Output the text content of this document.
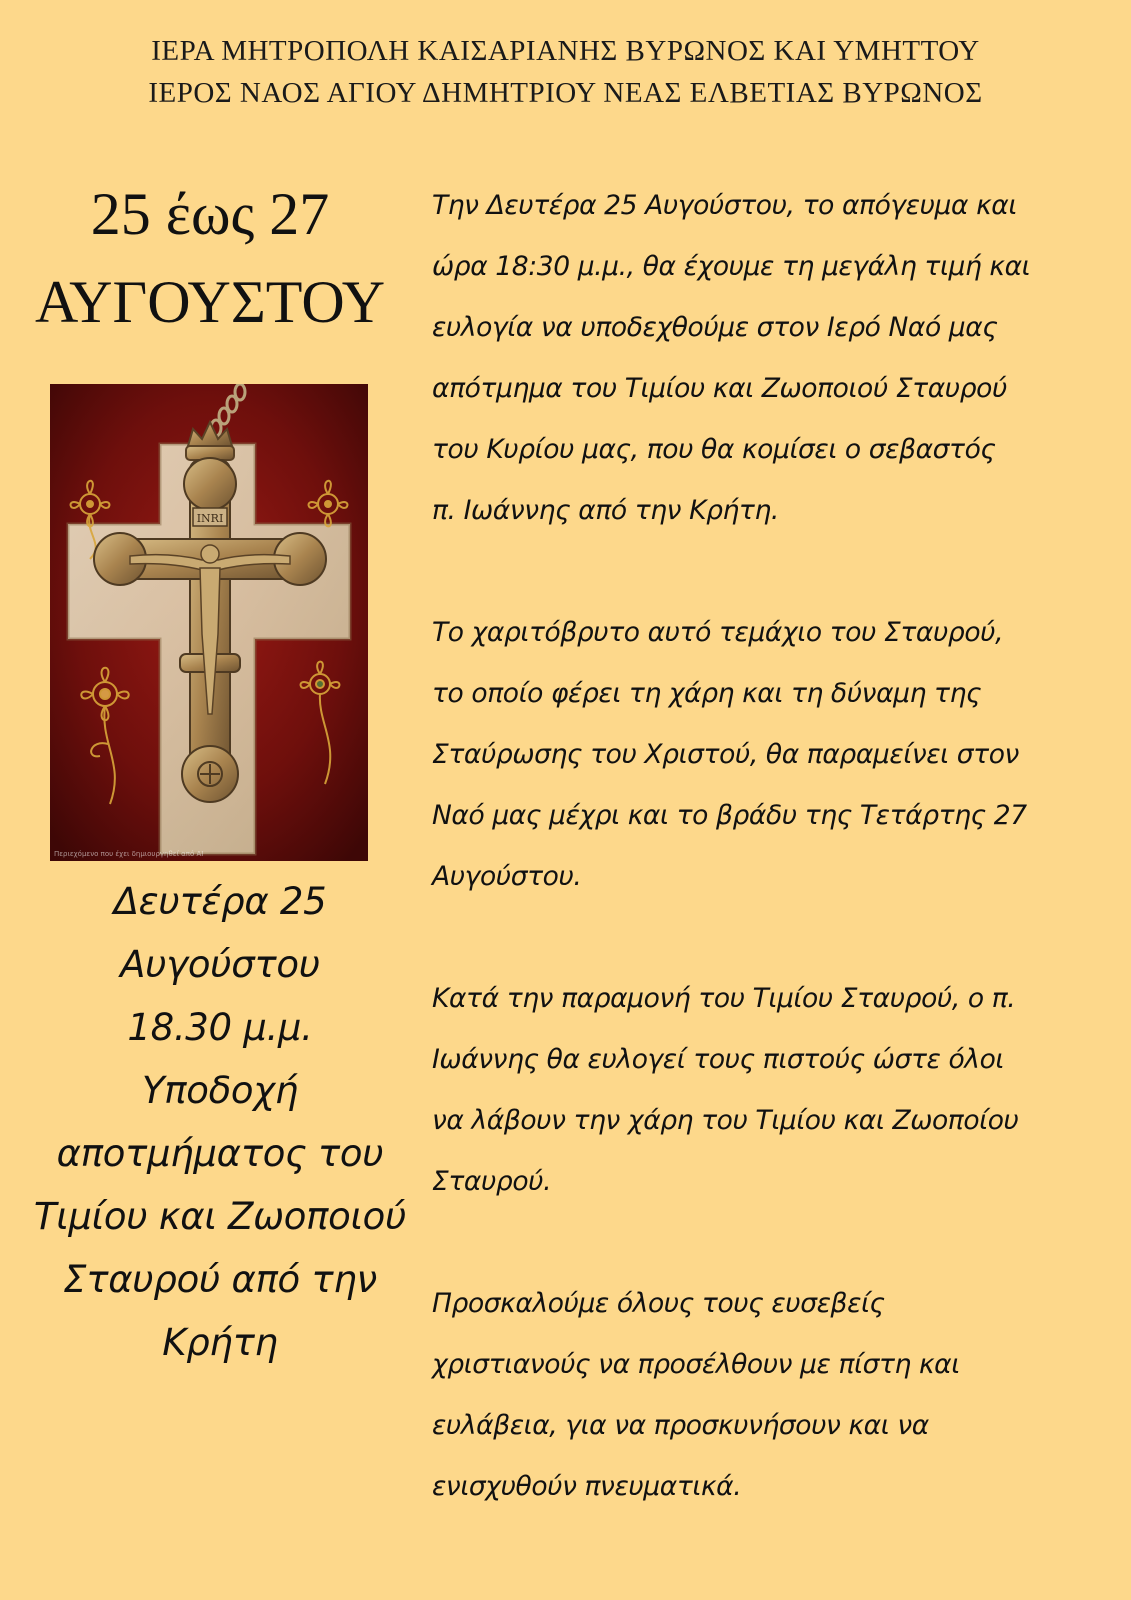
ΙΕΡΑ ΜΗΤΡΟΠΟΛΗ ΚΑΙΣΑΡΙΑΝΗΣ ΒΥΡΩΝΟΣ ΚΑΙ ΥΜΗΤΤΟΥ
ΙΕΡΟΣ ΝΑΟΣ ΑΓΙΟΥ ΔΗΜΗΤΡΙΟΥ ΝΕΑΣ ΕΛΒΕΤΙΑΣ ΒΥΡΩΝΟΣ
25 έως 27
ΑΥΓΟΥΣΤΟΥ
INRI
Περιεχόμενο που έχει δημιουργηθεί από AI
Δευτέρα 25
Αυγούστου
18.30 μ.μ.
Υποδοχή
αποτμήματος του
Τιμίου και Ζωοποιού
Σταυρού από την
Κρήτη
Την Δευτέρα 25 Αυγούστου, το απόγευμα και
ώρα 18:30 μ.μ., θα έχουμε τη μεγάλη τιμή και
ευλογία να υποδεχθούμε στον Ιερό Ναό μας
απότμημα του Τιμίου και Ζωοποιού Σταυρού
του Κυρίου μας, που θα κομίσει ο σεβαστός
π. Ιωάννης από την Κρήτη.
Το χαριτόβρυτο αυτό τεμάχιο του Σταυρού,
το οποίο φέρει τη χάρη και τη δύναμη της
Σταύρωσης του Χριστού, θα παραμείνει στον
Ναό μας μέχρι και το βράδυ της Τετάρτης 27
Αυγούστου.
Κατά την παραμονή του Τιμίου Σταυρού, ο π.
Ιωάννης θα ευλογεί τους πιστούς ώστε όλοι
να λάβουν την χάρη του Τιμίου και Ζωοποίου
Σταυρού.
Προσκαλούμε όλους τους ευσεβείς
χριστιανούς να προσέλθουν με πίστη και
ευλάβεια, για να προσκυνήσουν και να
ενισχυθούν πνευματικά.
